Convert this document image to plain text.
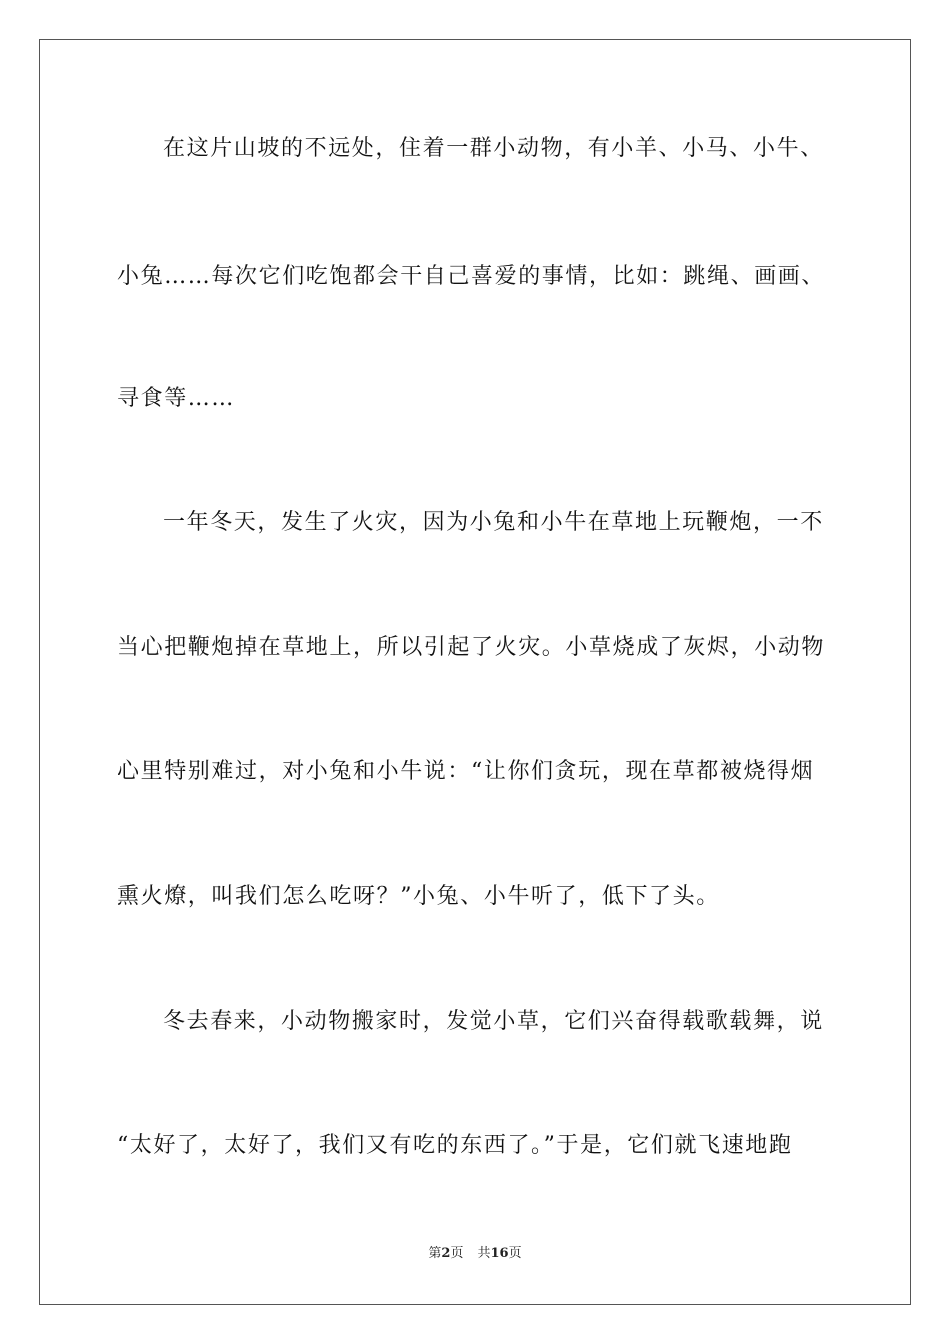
在这片山坡的不远处，住着一群小动物，有小羊、小马、小牛、
小兔……每次它们吃饱都会干自己喜爱的事情，比如：跳绳、画画、
寻食等……
一年冬天，发生了火灾，因为小兔和小牛在草地上玩鞭炮，一不
当心把鞭炮掉在草地上，所以引起了火灾。小草烧成了灰烬，小动物
心里特别难过，对小兔和小牛说：“让你们贪玩，现在草都被烧得烟
熏火燎，叫我们怎么吃呀？”小兔、小牛听了，低下了头。
冬去春来，小动物搬家时，发觉小草，它们兴奋得载歌载舞，说
“太好了，太好了，我们又有吃的东西了。”于是，它们就飞速地跑
第2页 共16页
